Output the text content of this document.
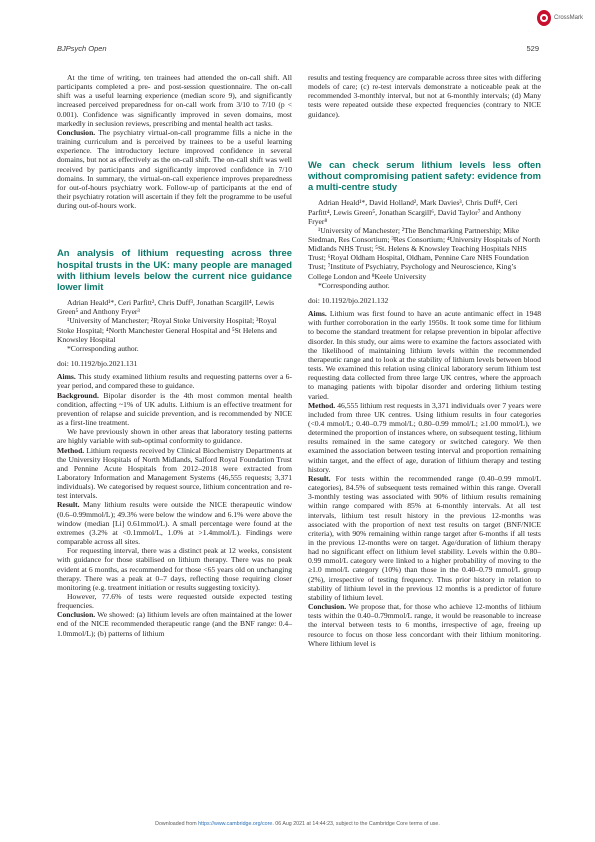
BJPsych Open	529
CrossMark

At the time of writing, ten trainees had attended the on-call shift. All participants completed a pre- and post-session questionnaire. The on-call shift was a useful learning experience (median score 9), and significantly increased perceived preparedness for on-call work from 3/10 to 7/10 (p < 0.001). Confidence was significantly improved in seven domains, most markedly in seclusion reviews, prescribing and mental health act tasks.

Conclusion. The psychiatry virtual-on-call programme fills a niche in the training curriculum and is perceived by trainees to be a useful learning experience. The introductory lecture improved confidence in several domains, but not as effectively as the on-call shift. The on-call shift was well received by participants and significantly improved confidence in 7/10 domains. In summary, the virtual-on-call experience improves preparedness for out-of-hours psychiatry work. Follow-up of participants at the end of their psychiatry rotation will ascertain if they felt the programme to be useful during out-of-hours work.

An analysis of lithium requesting across three hospital trusts in the UK: many people are managed with lithium levels below the current nice guidance lower limit

Adrian Heald¹*, Ceri Parfitt², Chris Duff³, Jonathan Scargill⁴, Lewis Green⁵ and Anthony Fryer³

¹University of Manchester; ²Royal Stoke University Hospital; ³Royal Stoke Hospital; ⁴North Manchester General Hospital and ⁵St Helens and Knowsley Hospital

*Corresponding author.

doi: 10.1192/bjo.2021.131

Aims. This study examined lithium results and requesting patterns over a 6-year period, and compared these to guidance.

Background. Bipolar disorder is the 4th most common mental health condition, affecting ~1% of UK adults. Lithium is an effective treatment for prevention of relapse and suicide prevention, and is recommended by NICE as a first-line treatment.

We have previously shown in other areas that laboratory testing patterns are highly variable with sub-optimal conformity to guidance.

Method. Lithium requests received by Clinical Biochemistry Departments at the University Hospitals of North Midlands, Salford Royal Foundation Trust and Pennine Acute Hospitals from 2012–2018 were extracted from Laboratory Information and Management Systems (46,555 requests; 3,371 individuals). We categorised by request source, lithium concentration and re-test intervals.

Result. Many lithium results were outside the NICE therapeutic window (0.6–0.99mmol/L); 49.3% were below the window and 6.1% were above the window (median [Li] 0.61mmol/L). A small percentage were found at the extremes (3.2% at <0.1mmol/L, 1.0% at >1.4mmol/L). Findings were comparable across all sites.

For requesting interval, there was a distinct peak at 12 weeks, consistent with guidance for those stabilised on lithium therapy. There was no peak evident at 6 months, as recommended for those <65 years old on unchanging therapy. There was a peak at 0–7 days, reflecting those requiring closer monitoring (e.g. treatment initiation or results suggesting toxicity).

However, 77.6% of tests were requested outside expected testing frequencies.

Conclusion. We showed: (a) lithium levels are often maintained at the lower end of the NICE recommended therapeutic range (and the BNF range: 0.4–1.0mmol/L); (b) patterns of lithium

results and testing frequency are comparable across three sites with differing models of care; (c) re-test intervals demonstrate a noticeable peak at the recommended 3-monthly interval, but not at 6-monthly intervals; (d) Many tests were repeated outside these expected frequencies (contrary to NICE guidance).

We can check serum lithium levels less often without compromising patient safety: evidence from a multi-centre study

Adrian Heald¹*, David Holland², Mark Davies³, Chris Duff⁴, Ceri Parfitt⁴, Lewis Green⁵, Jonathan Scargill⁶, David Taylor⁷ and Anthony Fryer⁸

¹University of Manchester; ²The Benchmarking Partnership; Mike Stedman, Res Consortium; ³Res Consortium; ⁴University Hospitals of North Midlands NHS Trust; ⁵St. Helens & Knowsley Teaching Hospitals NHS Trust; ⁶Royal Oldham Hospital, Oldham, Pennine Care NHS Foundation Trust; ⁷Institute of Psychiatry, Psychology and Neuroscience, King’s College London and ⁸Keele University

*Corresponding author.

doi: 10.1192/bjo.2021.132

Aims. Lithium was first found to have an acute antimanic effect in 1948 with further corroboration in the early 1950s. It took some time for lithium to become the standard treatment for relapse prevention in bipolar affective disorder. In this study, our aims were to examine the factors associated with the likelihood of maintaining lithium levels within the recommended therapeutic range and to look at the stability of lithium levels between blood tests. We examined this relation using clinical laboratory serum lithium test requesting data collected from three large UK centres, where the approach to managing patients with bipolar disorder and ordering lithium testing varied.

Method. 46,555 lithium rest requests in 3,371 individuals over 7 years were included from three UK centres. Using lithium results in four categories (<0.4 mmol/L; 0.40–0.79 mmol/L; 0.80–0.99 mmol/L; ≥1.00 mmol/L), we determined the proportion of instances where, on subsequent testing, lithium results remained in the same category or switched category. We then examined the association between testing interval and proportion remaining within target, and the effect of age, duration of lithium therapy and testing history.

Result. For tests within the recommended range (0.40–0.99 mmol/L categories), 84.5% of subsequent tests remained within this range. Overall 3-monthly testing was associated with 90% of lithium results remaining within range compared with 85% at 6-monthly intervals. At all test intervals, lithium test result history in the previous 12-months was associated with the proportion of next test results on target (BNF/NICE criteria), with 90% remaining within range target after 6-months if all tests in the previous 12-months were on target. Age/duration of lithium therapy had no significant effect on lithium level stability. Levels within the 0.80–0.99 mmol/L category were linked to a higher probability of moving to the ≥1.0 mmol/L category (10%) than those in the 0.40–0.79 mmol/L group (2%), irrespective of testing frequency. Thus prior history in relation to stability of lithium level in the previous 12 months is a predictor of future stability of lithium level.

Conclusion. We propose that, for those who achieve 12-months of lithium tests within the 0.40–0.79mmol/L range, it would be reasonable to increase the interval between tests to 6 months, irrespective of age, freeing up resource to focus on those less concordant with their lithium monitoring. Where lithium level is

Downloaded from https://www.cambridge.org/core. 06 Aug 2021 at 14:44:23, subject to the Cambridge Core terms of use.
